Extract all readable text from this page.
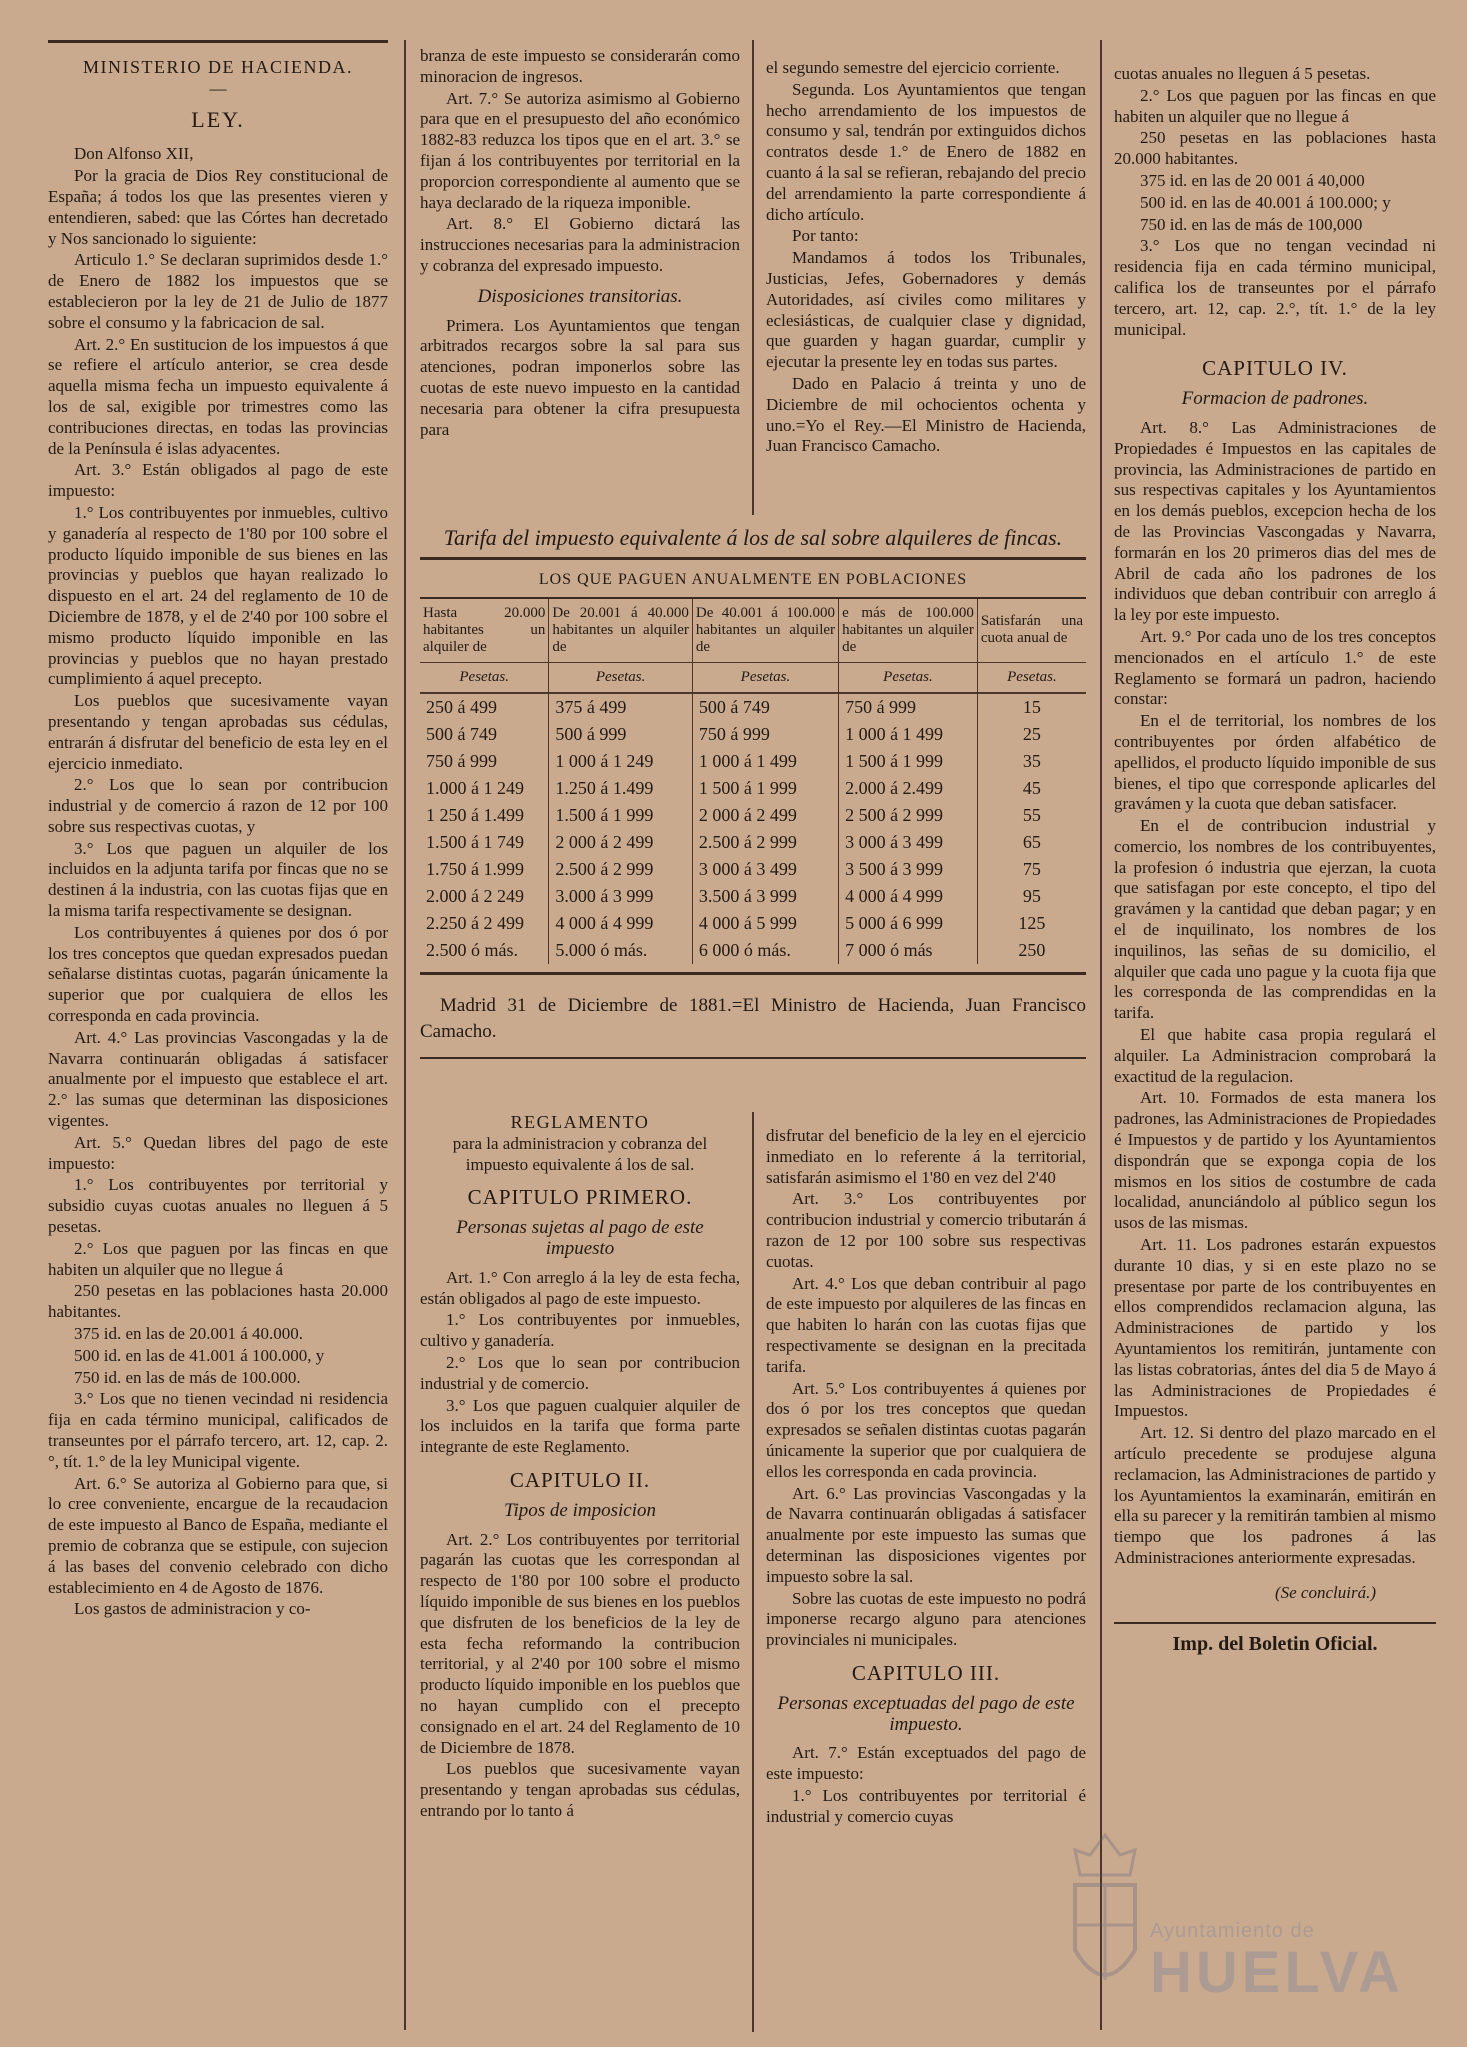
MINISTERIO DE HACIENDA.

—

LEY.

Don Alfonso XII,

Por la gracia de Dios Rey constitucional de España; á todos los que las presentes vieren y entendieren, sabed: que las Córtes han decretado y Nos sancionado lo siguiente:

Articulo 1.° Se declaran suprimidos desde 1.° de Enero de 1882 los impuestos que se establecieron por la ley de 21 de Julio de 1877 sobre el consumo y la fabricacion de sal.

Art. 2.° En sustitucion de los impuestos á que se refiere el artículo anterior, se crea desde aquella misma fecha un impuesto equivalente á los de sal, exigible por trimestres como las contribuciones directas, en todas las provincias de la Península é islas adyacentes.

Art. 3.° Están obligados al pago de este impuesto:

1.° Los contribuyentes por inmuebles, cultivo y ganadería al respecto de 1'80 por 100 sobre el producto líquido imponible de sus bienes en las provincias y pueblos que hayan realizado lo dispuesto en el art. 24 del reglamento de 10 de Diciembre de 1878, y el de 2'40 por 100 sobre el mismo producto líquido imponible en las provincias y pueblos que no hayan prestado cumplimiento á aquel precepto.

Los pueblos que sucesivamente vayan presentando y tengan aprobadas sus cédulas, entrarán á disfrutar del beneficio de esta ley en el ejercicio inmediato.

2.° Los que lo sean por contribucion industrial y de comercio á razon de 12 por 100 sobre sus respectivas cuotas, y

3.° Los que paguen un alquiler de los incluidos en la adjunta tarifa por fincas que no se destinen á la industria, con las cuotas fijas que en la misma tarifa respectivamente se designan.

Los contribuyentes á quienes por dos ó por los tres conceptos que quedan expresados puedan señalarse distintas cuotas, pagarán únicamente la superior que por cualquiera de ellos les corresponda en cada provincia.

Art. 4.° Las provincias Vascongadas y la de Navarra continuarán obligadas á satisfacer anualmente por el impuesto que establece el art. 2.° las sumas que determinan las disposiciones vigentes.

Art. 5.° Quedan libres del pago de este impuesto:

1.° Los contribuyentes por territorial y subsidio cuyas cuotas anuales no lleguen á 5 pesetas.

2.° Los que paguen por las fincas en que habiten un alquiler que no llegue á

250 pesetas en las poblaciones hasta 20.000 habitantes.

375 id. en las de 20.001 á 40.000.

500 id. en las de 41.001 á 100.000, y

750 id. en las de más de 100.000.

3.° Los que no tienen vecindad ni residencia fija en cada término municipal, calificados de transeuntes por el párrafo tercero, art. 12, cap. 2.°, tít. 1.° de la ley Municipal vigente.

Art. 6.° Se autoriza al Gobierno para que, si lo cree conveniente, encargue de la recaudacion de este impuesto al Banco de España, mediante el premio de cobranza que se estipule, con sujecion á las bases del convenio celebrado con dicho establecimiento en 4 de Agosto de 1876.

Los gastos de administracion y co-

branza de este impuesto se considerarán como minoracion de ingresos.

Art. 7.° Se autoriza asimismo al Gobierno para que en el presupuesto del año económico 1882-83 reduzca los tipos que en el art. 3.° se fijan á los contribuyentes por territorial en la proporcion correspondiente al aumento que se haya declarado de la riqueza imponible.

Art. 8.° El Gobierno dictará las instrucciones necesarias para la administracion y cobranza del expresado impuesto.

Disposiciones transitorias.

Primera. Los Ayuntamientos que tengan arbitrados recargos sobre la sal para sus atenciones, podran imponerlos sobre las cuotas de este nuevo impuesto en la cantidad necesaria para obtener la cifra presupuesta para

el segundo semestre del ejercicio corriente.

Segunda. Los Ayuntamientos que tengan hecho arrendamiento de los impuestos de consumo y sal, tendrán por extinguidos dichos contratos desde 1.° de Enero de 1882 en cuanto á la sal se refieran, rebajando del precio del arrendamiento la parte correspondiente á dicho artículo.

Por tanto:

Mandamos á todos los Tribunales, Justicias, Jefes, Gobernadores y demás Autoridades, así civiles como militares y eclesiásticas, de cualquier clase y dignidad, que guarden y hagan guardar, cumplir y ejecutar la presente ley en todas sus partes.

Dado en Palacio á treinta y uno de Diciembre de mil ochocientos ochenta y uno.=Yo el Rey.—El Ministro de Hacienda, Juan Francisco Camacho.

Tarifa del impuesto equivalente á los de sal sobre alquileres de fincas.

LOS QUE PAGUEN ANUALMENTE EN POBLACIONES

Hasta 20.000 habitantes un alquiler de	De 20.001 á 40.000 habitantes un alquiler de	De 40.001 á 100.000 habitantes un alquiler de	e más de 100.000 habitantes un alquiler de	Satisfarán una cuota anual de
Pesetas.	Pesetas.	Pesetas.	Pesetas.	Pesetas.
250 á 499	375 á 499	500 á 749	750 á 999	15
500 á 749	500 á 999	750 á 999	1 000 á 1 499	25
750 á 999	1 000 á 1 249	1 000 á 1 499	1 500 á 1 999	35
1.000 á 1 249	1.250 á 1.499	1 500 á 1 999	2.000 á 2.499	45
1 250 á 1.499	1.500 á 1 999	2 000 á 2 499	2 500 á 2 999	55
1.500 á 1 749	2 000 á 2 499	2.500 á 2 999	3 000 á 3 499	65
1.750 á 1.999	2.500 á 2 999	3 000 á 3 499	3 500 á 3 999	75
2.000 á 2 249	3.000 á 3 999	3.500 á 3 999	4 000 á 4 999	95
2.250 á 2 499	4 000 á 4 999	4 000 á 5 999	5 000 á 6 999	125
2.500 ó más.	5.000 ó más.	6 000 ó más.	7 000 ó más	250

Madrid 31 de Diciembre de 1881.=El Ministro de Hacienda, Juan Francisco Camacho.

REGLAMENTO

para la administracion y cobranza del impuesto equivalente á los de sal.

CAPITULO PRIMERO.

Personas sujetas al pago de este impuesto

Art. 1.° Con arreglo á la ley de esta fecha, están obligados al pago de este impuesto.

1.° Los contribuyentes por inmuebles, cultivo y ganadería.

2.° Los que lo sean por contribucion industrial y de comercio.

3.° Los que paguen cualquier alquiler de los incluidos en la tarifa que forma parte integrante de este Reglamento.

CAPITULO II.

Tipos de imposicion

Art. 2.° Los contribuyentes por territorial pagarán las cuotas que les correspondan al respecto de 1'80 por 100 sobre el producto líquido imponible de sus bienes en los pueblos que disfruten de los beneficios de la ley de esta fecha reformando la contribucion territorial, y al 2'40 por 100 sobre el mismo producto líquido imponible en los pueblos que no hayan cumplido con el precepto consignado en el art. 24 del Reglamento de 10 de Diciembre de 1878.

Los pueblos que sucesivamente vayan presentando y tengan aprobadas sus cédulas, entrando por lo tanto á

disfrutar del beneficio de la ley en el ejercicio inmediato en lo referente á la territorial, satisfarán asimismo el 1'80 en vez del 2'40

Art. 3.° Los contribuyentes por contribucion industrial y comercio tributarán á razon de 12 por 100 sobre sus respectivas cuotas.

Art. 4.° Los que deban contribuir al pago de este impuesto por alquileres de las fincas en que habiten lo harán con las cuotas fijas que respectivamente se designan en la precitada tarifa.

Art. 5.° Los contribuyentes á quienes por dos ó por los tres conceptos que quedan expresados se señalen distintas cuotas pagarán únicamente la superior que por cualquiera de ellos les corresponda en cada provincia.

Art. 6.° Las provincias Vascongadas y la de Navarra continuarán obligadas á satisfacer anualmente por este impuesto las sumas que determinan las disposiciones vigentes por impuesto sobre la sal.

Sobre las cuotas de este impuesto no podrá imponerse recargo alguno para atenciones provinciales ni municipales.

CAPITULO III.

Personas exceptuadas del pago de este impuesto.

Art. 7.° Están exceptuados del pago de este impuesto:

1.° Los contribuyentes por territorial é industrial y comercio cuyas

cuotas anuales no lleguen á 5 pesetas.

2.° Los que paguen por las fincas en que habiten un alquiler que no llegue á

250 pesetas en las poblaciones hasta 20.000 habitantes.

375 id. en las de 20 001 á 40,000

500 id. en las de 40.001 á 100.000; y

750 id. en las de más de 100,000

3.° Los que no tengan vecindad ni residencia fija en cada término municipal, califica los de transeuntes por el párrafo tercero, art. 12, cap. 2.°, tít. 1.° de la ley municipal.

CAPITULO IV.

Formacion de padrones.

Art. 8.° Las Administraciones de Propiedades é Impuestos en las capitales de provincia, las Administraciones de partido en sus respectivas capitales y los Ayuntamientos en los demás pueblos, excepcion hecha de los de las Provincias Vascongadas y Navarra, formarán en los 20 primeros dias del mes de Abril de cada año los padrones de los individuos que deban contribuir con arreglo á la ley por este impuesto.

Art. 9.° Por cada uno de los tres conceptos mencionados en el artículo 1.° de este Reglamento se formará un padron, haciendo constar:

En el de territorial, los nombres de los contribuyentes por órden alfabético de apellidos, el producto líquido imponible de sus bienes, el tipo que corresponde aplicarles del gravámen y la cuota que deban satisfacer.

En el de contribucion industrial y comercio, los nombres de los contribuyentes, la profesion ó industria que ejerzan, la cuota que satisfagan por este concepto, el tipo del gravámen y la cantidad que deban pagar; y en el de inquilinato, los nombres de los inquilinos, las señas de su domicilio, el alquiler que cada uno pague y la cuota fija que les corresponda de las comprendidas en la tarifa.

El que habite casa propia regulará el alquiler. La Administracion comprobará la exactitud de la regulacion.

Art. 10. Formados de esta manera los padrones, las Administraciones de Propiedades é Impuestos y de partido y los Ayuntamientos dispondrán que se exponga copia de los mismos en los sitios de costumbre de cada localidad, anunciándolo al público segun los usos de las mismas.

Art. 11. Los padrones estarán expuestos durante 10 dias, y si en este plazo no se presentase por parte de los contribuyentes en ellos comprendidos reclamacion alguna, las Administraciones de partido y los Ayuntamientos los remitirán, juntamente con las listas cobratorias, ántes del dia 5 de Mayo á las Administraciones de Propiedades é Impuestos.

Art. 12. Si dentro del plazo marcado en el artículo precedente se produjese alguna reclamacion, las Administraciones de partido y los Ayuntamientos la examinarán, emitirán en ella su parecer y la remitirán tambien al mismo tiempo que los padrones á las Administraciones anteriormente expresadas.

(Se concluirá.)

Imp. del Boletin Oficial.

Ayuntamiento de
HUELVA
